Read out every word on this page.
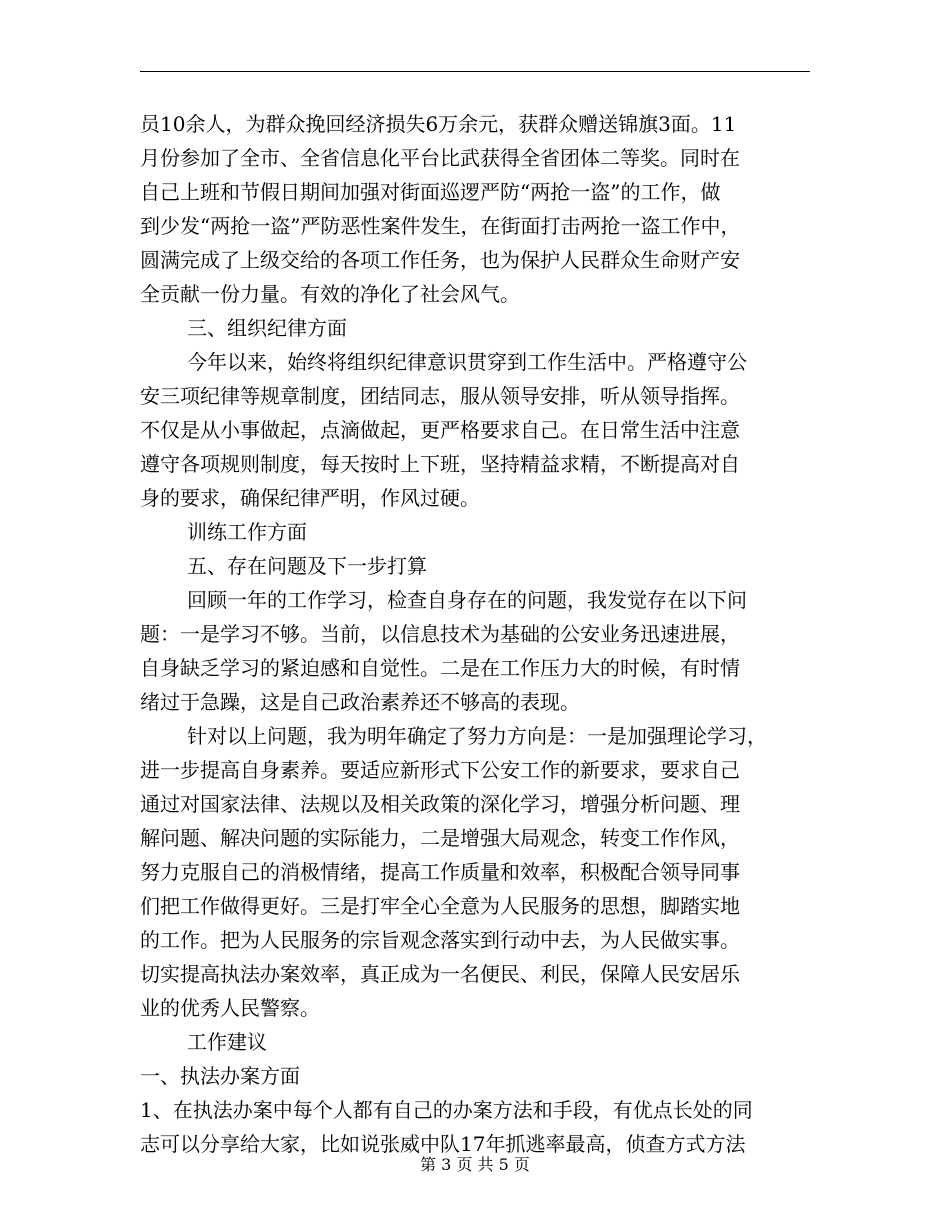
员10余人，为群众挽回经济损失6万余元，获群众赠送锦旗3面。11
月份参加了全市、全省信息化平台比武获得全省团体二等奖。同时在
自己上班和节假日期间加强对街面巡逻严防“两抢一盗”的工作，做
到少发“两抢一盗”严防恶性案件发生，在街面打击两抢一盗工作中，
圆满完成了上级交给的各项工作任务，也为保护人民群众生命财产安
全贡献一份力量。有效的净化了社会风气。
三、组织纪律方面
今年以来，始终将组织纪律意识贯穿到工作生活中。严格遵守公
安三项纪律等规章制度，团结同志，服从领导安排，听从领导指挥。
不仅是从小事做起，点滴做起，更严格要求自己。在日常生活中注意
遵守各项规则制度，每天按时上下班，坚持精益求精，不断提高对自
身的要求，确保纪律严明，作风过硬。
训练工作方面
五、存在问题及下一步打算
回顾一年的工作学习，检查自身存在的问题，我发觉存在以下问
题：一是学习不够。当前，以信息技术为基础的公安业务迅速进展，
自身缺乏学习的紧迫感和自觉性。二是在工作压力大的时候，有时情
绪过于急躁，这是自己政治素养还不够高的表现。
针对以上问题，我为明年确定了努力方向是：一是加强理论学习，
进一步提高自身素养。要适应新形式下公安工作的新要求，要求自己
通过对国家法律、法规以及相关政策的深化学习，增强分析问题、理
解问题、解决问题的实际能力，二是增强大局观念，转变工作作风，
努力克服自己的消极情绪，提高工作质量和效率，积极配合领导同事
们把工作做得更好。三是打牢全心全意为人民服务的思想，脚踏实地
的工作。把为人民服务的宗旨观念落实到行动中去，为人民做实事。
切实提高执法办案效率，真正成为一名便民、利民，保障人民安居乐
业的优秀人民警察。
工作建议
一、执法办案方面
1、在执法办案中每个人都有自己的办案方法和手段，有优点长处的同
志可以分享给大家，比如说张威中队17年抓逃率最高，侦查方式方法
第 3 页 共 5 页
